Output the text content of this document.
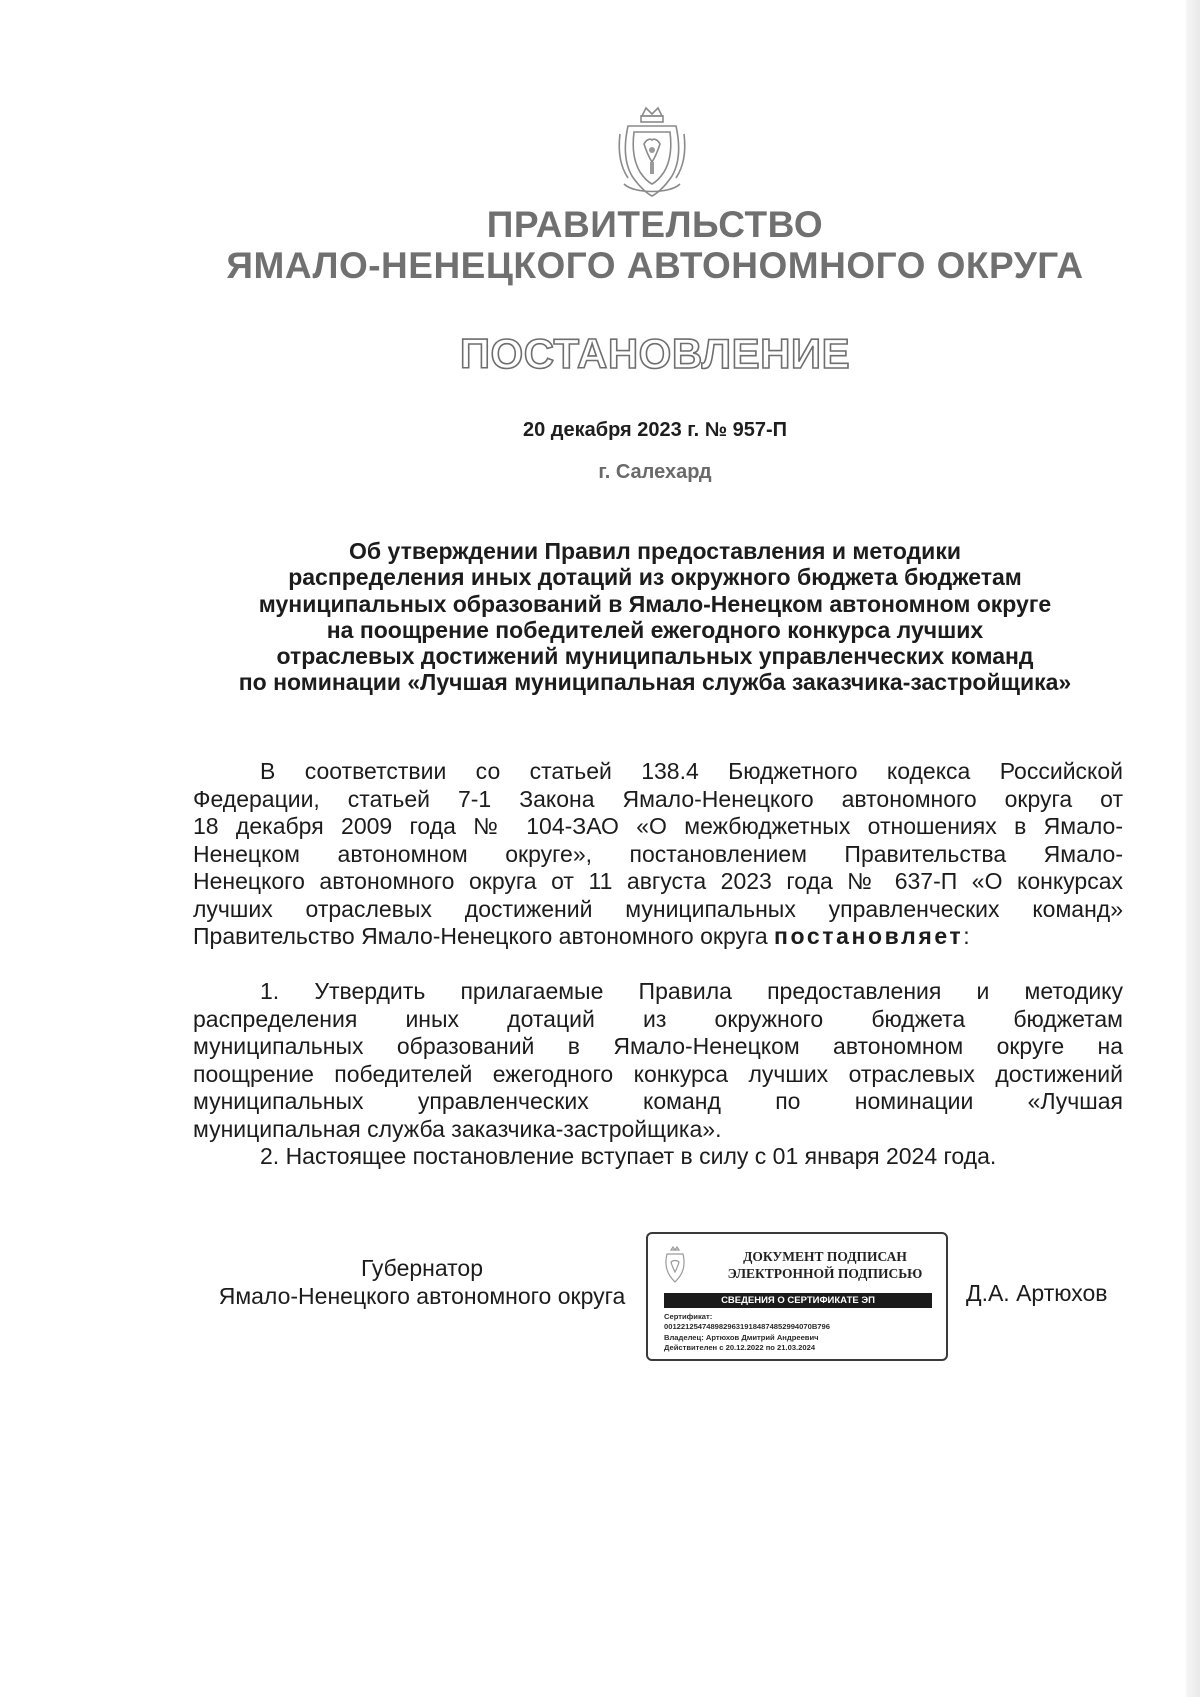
ПРАВИТЕЛЬСТВО
ЯМАЛО-НЕНЕЦКОГО АВТОНОМНОГО ОКРУГА
ПОСТАНОВЛЕНИЕ
20 декабря 2023 г. № 957-П
г. Салехард
Об утверждении Правил предоставления и методики
распределения иных дотаций из окружного бюджета бюджетам
муниципальных образований в Ямало-Ненецком автономном округе
на поощрение победителей ежегодного конкурса лучших
отраслевых достижений муниципальных управленческих команд
по номинации «Лучшая муниципальная служба заказчика-застройщика»
В соответствии со статьей 138.4 Бюджетного кодекса Российской
Федерации, статьей 7-1 Закона Ямало-Ненецкого автономного округа от
18 декабря 2009 года № 104-ЗАО «О межбюджетных отношениях в Ямало-
Ненецком автономном округе», постановлением Правительства Ямало-
Ненецкого автономного округа от 11 августа 2023 года № 637-П «О конкурсах
лучших отраслевых достижений муниципальных управленческих команд»
Правительство Ямало-Ненецкого автономного округа постановляет:
1. Утвердить прилагаемые Правила предоставления и методику
распределения иных дотаций из окружного бюджета бюджетам
муниципальных образований в Ямало-Ненецком автономном округе на
поощрение победителей ежегодного конкурса лучших отраслевых достижений
муниципальных управленческих команд по номинации «Лучшая
муниципальная служба заказчика-застройщика».
2. Настоящее постановление вступает в силу с 01 января 2024 года.
Губернатор
Ямало-Ненецкого автономного округа
ДОКУМЕНТ ПОДПИСАН
ЭЛЕКТРОННОЙ ПОДПИСЬЮ
СВЕДЕНИЯ О СЕРТИФИКАТЕ ЭП
Сертификат:
00122125474898296319184874852994070B796
Владелец: Артюхов Дмитрий Андреевич
Действителен с 20.12.2022 по 21.03.2024
Д.А. Артюхов
